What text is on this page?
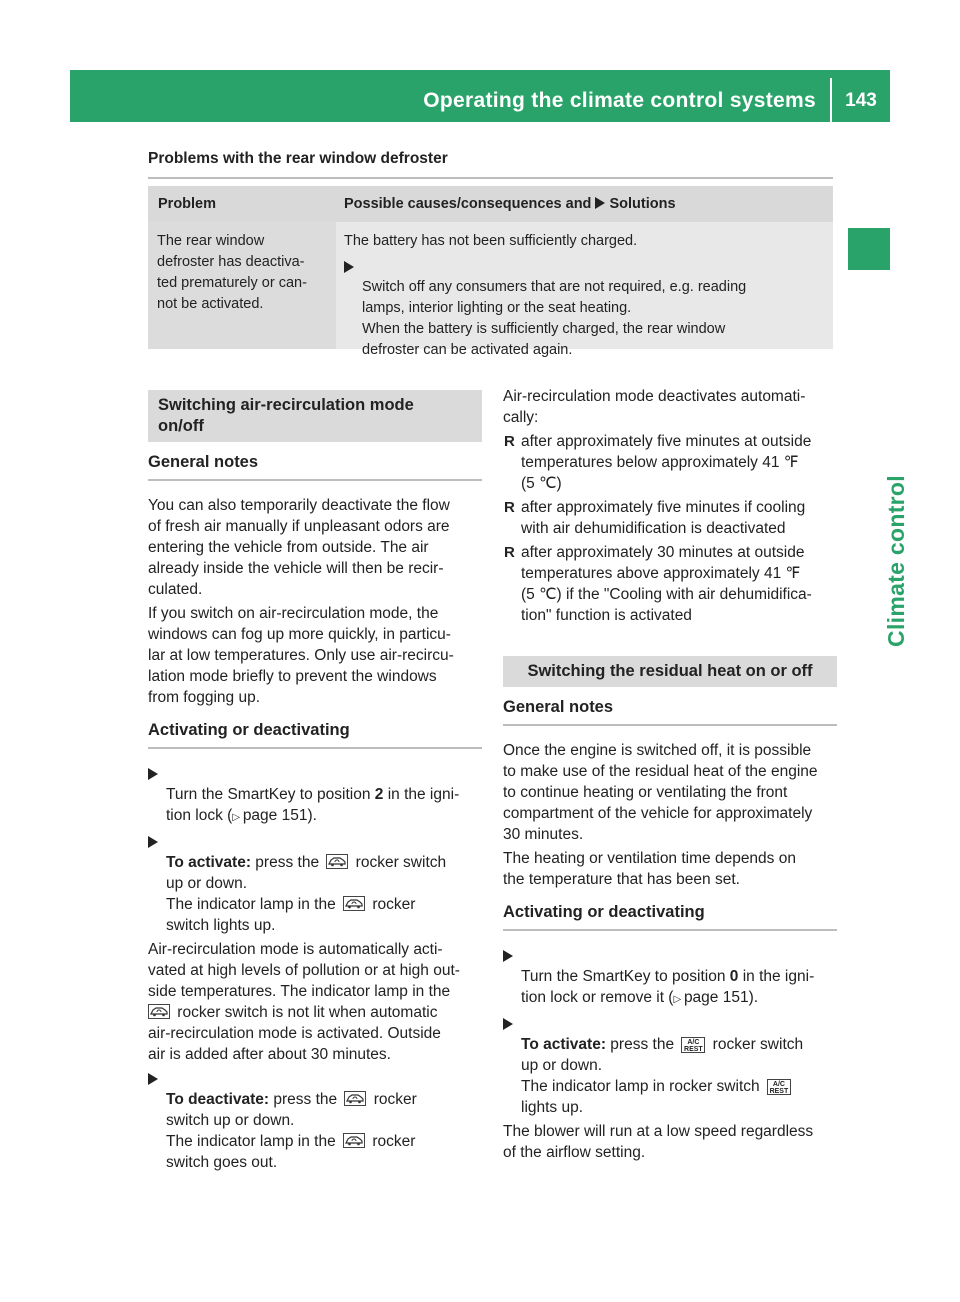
Operating the climate control systems	143
Climate control
Problems with the rear window defroster
Problem	Possible causes/consequences and  Solutions
The rear window
defroster has deactiva-
ted prematurely or can-
not be activated.
The battery has not been sufficiently charged.

Switch off any consumers that are not required, e.g. reading
lamps, interior lighting or the seat heating.
When the battery is sufficiently charged, the rear window
defroster can be activated again.

Switching air-recirculation mode
on/off
General notes

You can also temporarily deactivate the flow
of fresh air manually if unpleasant odors are
entering the vehicle from outside. The air
already inside the vehicle will then be recir-
culated.

If you switch on air-recirculation mode, the
windows can fog up more quickly, in particu-
lar at low temperatures. Only use air-recircu-
lation mode briefly to prevent the windows
from fogging up.

Activating or deactivating

Turn the SmartKey to position 2 in the igni-
tion lock (▷ page 151).

To activate: press the
rocker switch
up or down.
The indicator lamp in the
rocker
switch lights up.

Air-recirculation mode is automatically acti-
vated at high levels of pollution or at high out-
side temperatures. The indicator lamp in the

rocker switch is not lit when automatic
air-recirculation mode is activated. Outside
air is added after about 30 minutes.

To deactivate: press the
rocker
switch up or down.
The indicator lamp in the
rocker
switch goes out.

Air-recirculation mode deactivates automati-
cally:

R after approximately five minutes at outside
temperatures below approximately 41 ℉
(5 ℃)
R after approximately five minutes if cooling
with air dehumidification is deactivated
R after approximately 30 minutes at outside
temperatures above approximately 41 ℉
(5 ℃) if the "Cooling with air dehumidifica-
tion" function is activated
Switching the residual heat on or off
General notes

Once the engine is switched off, it is possible
to make use of the residual heat of the engine
to continue heating or ventilating the front
compartment of the vehicle for approximately
30 minutes.

The heating or ventilation time depends on
the temperature that has been set.

Activating or deactivating

Turn the SmartKey to position 0 in the igni-
tion lock or remove it (▷ page 151).

To activate: press the A/C
REST rocker switch
up or down.
The indicator lamp in rocker switch A/C
REST
lights up.

The blower will run at a low speed regardless
of the airflow setting.
